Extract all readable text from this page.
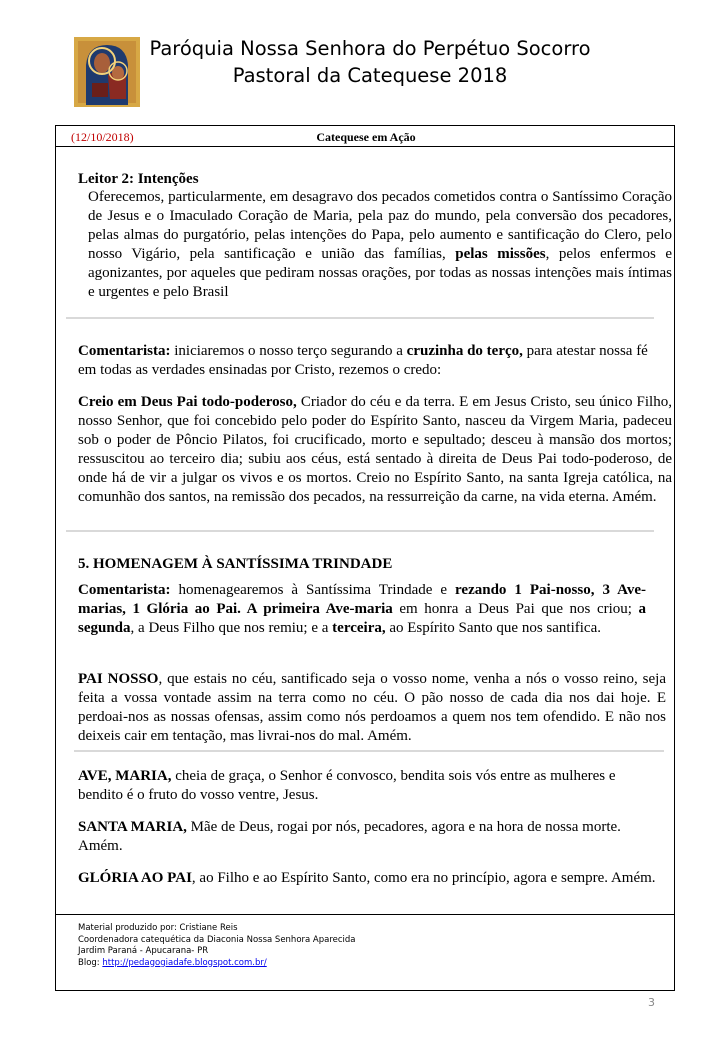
Paróquia Nossa Senhora do Perpétuo Socorro
Pastoral da Catequese 2018
(12/10/2018)	Catequese em Ação

Leitor 2: Intenções

Oferecemos, particularmente, em desagravo dos pecados cometidos contra o Santíssimo Coração de Jesus e o Imaculado Coração de Maria, pela paz do mundo, pela conversão dos pecadores, pelas almas do purgatório, pelas intenções do Papa, pelo aumento e santificação do Clero, pelo nosso Vigário, pela santificação e união das famílias, pelas missões, pelos enfermos e agonizantes, por aqueles que pediram nossas orações, por todas as nossas intenções mais íntimas e urgentes e pelo Brasil

Comentarista: iniciaremos o nosso terço segurando a cruzinha do terço, para atestar nossa fé em todas as verdades ensinadas por Cristo, rezemos o credo:

Creio em Deus Pai todo-poderoso, Criador do céu e da terra. E em Jesus Cristo, seu único Filho, nosso Senhor, que foi concebido pelo poder do Espírito Santo, nasceu da Virgem Maria, padeceu sob o poder de Pôncio Pilatos, foi crucificado, morto e sepultado; desceu à mansão dos mortos; ressuscitou ao terceiro dia; subiu aos céus, está sentado à direita de Deus Pai todo-poderoso, de onde há de vir a julgar os vivos e os mortos. Creio no Espírito Santo, na santa Igreja católica, na comunhão dos santos, na remissão dos pecados, na ressurreição da carne, na vida eterna. Amém.

5. HOMENAGEM À SANTÍSSIMA TRINDADE

Comentarista: homenagearemos à Santíssima Trindade e rezando 1 Pai-nosso, 3 Ave-marias, 1 Glória ao Pai. A primeira Ave-maria em honra a Deus Pai que nos criou; a segunda, a Deus Filho que nos remiu; e a terceira, ao Espírito Santo que nos santifica.

PAI NOSSO, que estais no céu, santificado seja o vosso nome, venha a nós o vosso reino, seja feita a vossa vontade assim na terra como no céu. O pão nosso de cada dia nos dai hoje. E perdoai-nos as nossas ofensas, assim como nós perdoamos a quem nos tem ofendido. E não nos deixeis cair em tentação, mas livrai-nos do mal. Amém.

AVE, MARIA, cheia de graça, o Senhor é convosco, bendita sois vós entre as mulheres e bendito é o fruto do vosso ventre, Jesus.

SANTA MARIA, Mãe de Deus, rogai por nós, pecadores, agora e na hora de nossa morte. Amém.

GLÓRIA AO PAI, ao Filho e ao Espírito Santo, como era no princípio, agora e sempre. Amém.

Material produzido por: Cristiane Reis
Coordenadora catequética da Diaconia Nossa Senhora Aparecida
Jardim Paraná - Apucarana- PR
Blog: http://pedagogiadafe.blogspot.com.br/
3
